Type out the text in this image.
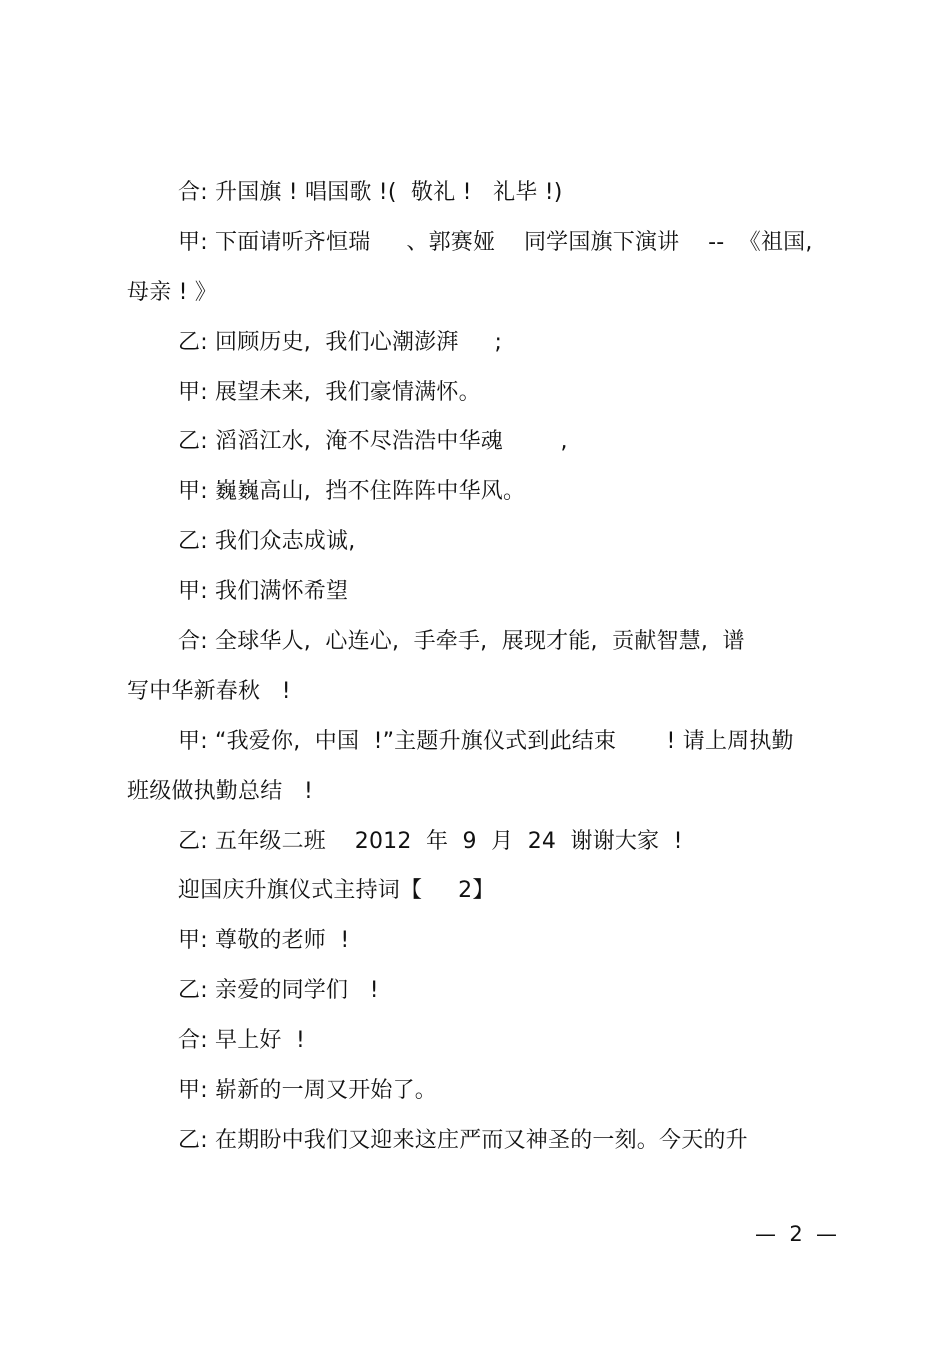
合: 升国旗 ! 唱国歌 !(  敬礼 !   礼毕 !)
甲: 下面请听齐恒瑞     、郭赛娅    同学国旗下演讲    --  《祖国,
母亲 ! 》
乙: 回顾历史,  我们心潮澎湃     ;
甲: 展望未来,  我们豪情满怀。
乙: 滔滔江水,  淹不尽浩浩中华魂        ,
甲: 巍巍高山,  挡不住阵阵中华风。
乙: 我们众志成诚,
甲: 我们满怀希望
合: 全球华人,  心连心,  手牵手,  展现才能,  贡献智慧,  谱
写中华新春秋   !
甲: “我爱你,  中国  !”主题升旗仪式到此结束       ! 请上周执勤
班级做执勤总结   !
乙: 五年级二班    2012  年  9  月  24  谢谢大家  !
迎国庆升旗仪式主持词【     2】
甲: 尊敬的老师  !
乙: 亲爱的同学们   !
合: 早上好  !
甲: 崭新的一周又开始了。
乙: 在期盼中我们又迎来这庄严而又神圣的一刻。今天的升
—  2  —
